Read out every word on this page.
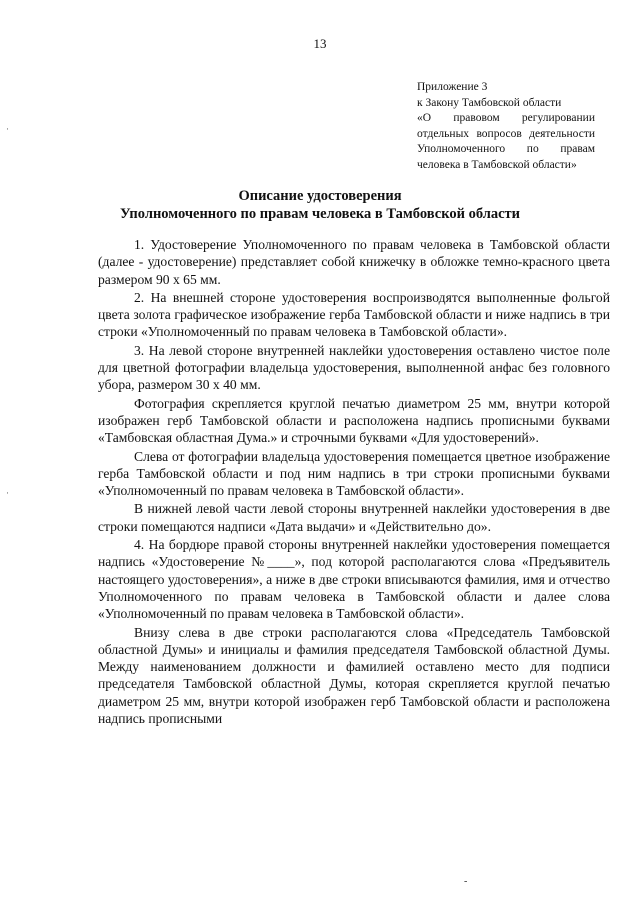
13
Приложение 3
к Закону Тамбовской области
«О правовом регулировании
отдельных вопросов деятельности
Уполномоченного по правам
человека в Тамбовской области»
Описание удостоверения
Уполномоченного по правам человека в Тамбовской области

1. Удостоверение Уполномоченного по правам человека в Тамбовской области (далее - удостоверение) представляет собой книжечку в обложке темно-красного цвета размером 90 х 65 мм.

2. На внешней стороне удостоверения воспроизводятся выполненные фольгой цвета золота графическое изображение герба Тамбовской области и ниже надпись в три строки «Уполномоченный по правам человека в Тамбовской области».

3. На левой стороне внутренней наклейки удостоверения оставлено чистое поле для цветной фотографии владельца удостоверения, выполненной анфас без головного убора, размером 30 х 40 мм.

Фотография скрепляется круглой печатью диаметром 25 мм, внутри которой изображен герб Тамбовской области и расположена надпись прописными буквами «Тамбовская областная Дума.» и строчными буквами «Для удостоверений».

Слева от фотографии владельца удостоверения помещается цветное изображение герба Тамбовской области и под ним надпись в три строки прописными буквами «Уполномоченный по правам человека в Тамбовской области».

В нижней левой части левой стороны внутренней наклейки удостоверения в две строки помещаются надписи «Дата выдачи» и «Действительно до».

4. На бордюре правой стороны внутренней наклейки удостоверения помещается надпись «Удостоверение №____», под которой располагаются слова «Предъявитель настоящего удостоверения», а ниже в две строки вписываются фамилия, имя и отчество Уполномоченного по правам человека в Тамбовской области и далее слова «Уполномоченный по правам человека в Тамбовской области».

Внизу слева в две строки располагаются слова «Председатель Тамбовской областной Думы» и инициалы и фамилия председателя Тамбовской областной Думы. Между наименованием должности и фамилией оставлено место для подписи председателя Тамбовской областной Думы, которая скрепляется круглой печатью диаметром 25 мм, внутри которой изображен герб Тамбовской области и расположена надпись прописными

·
·
-
